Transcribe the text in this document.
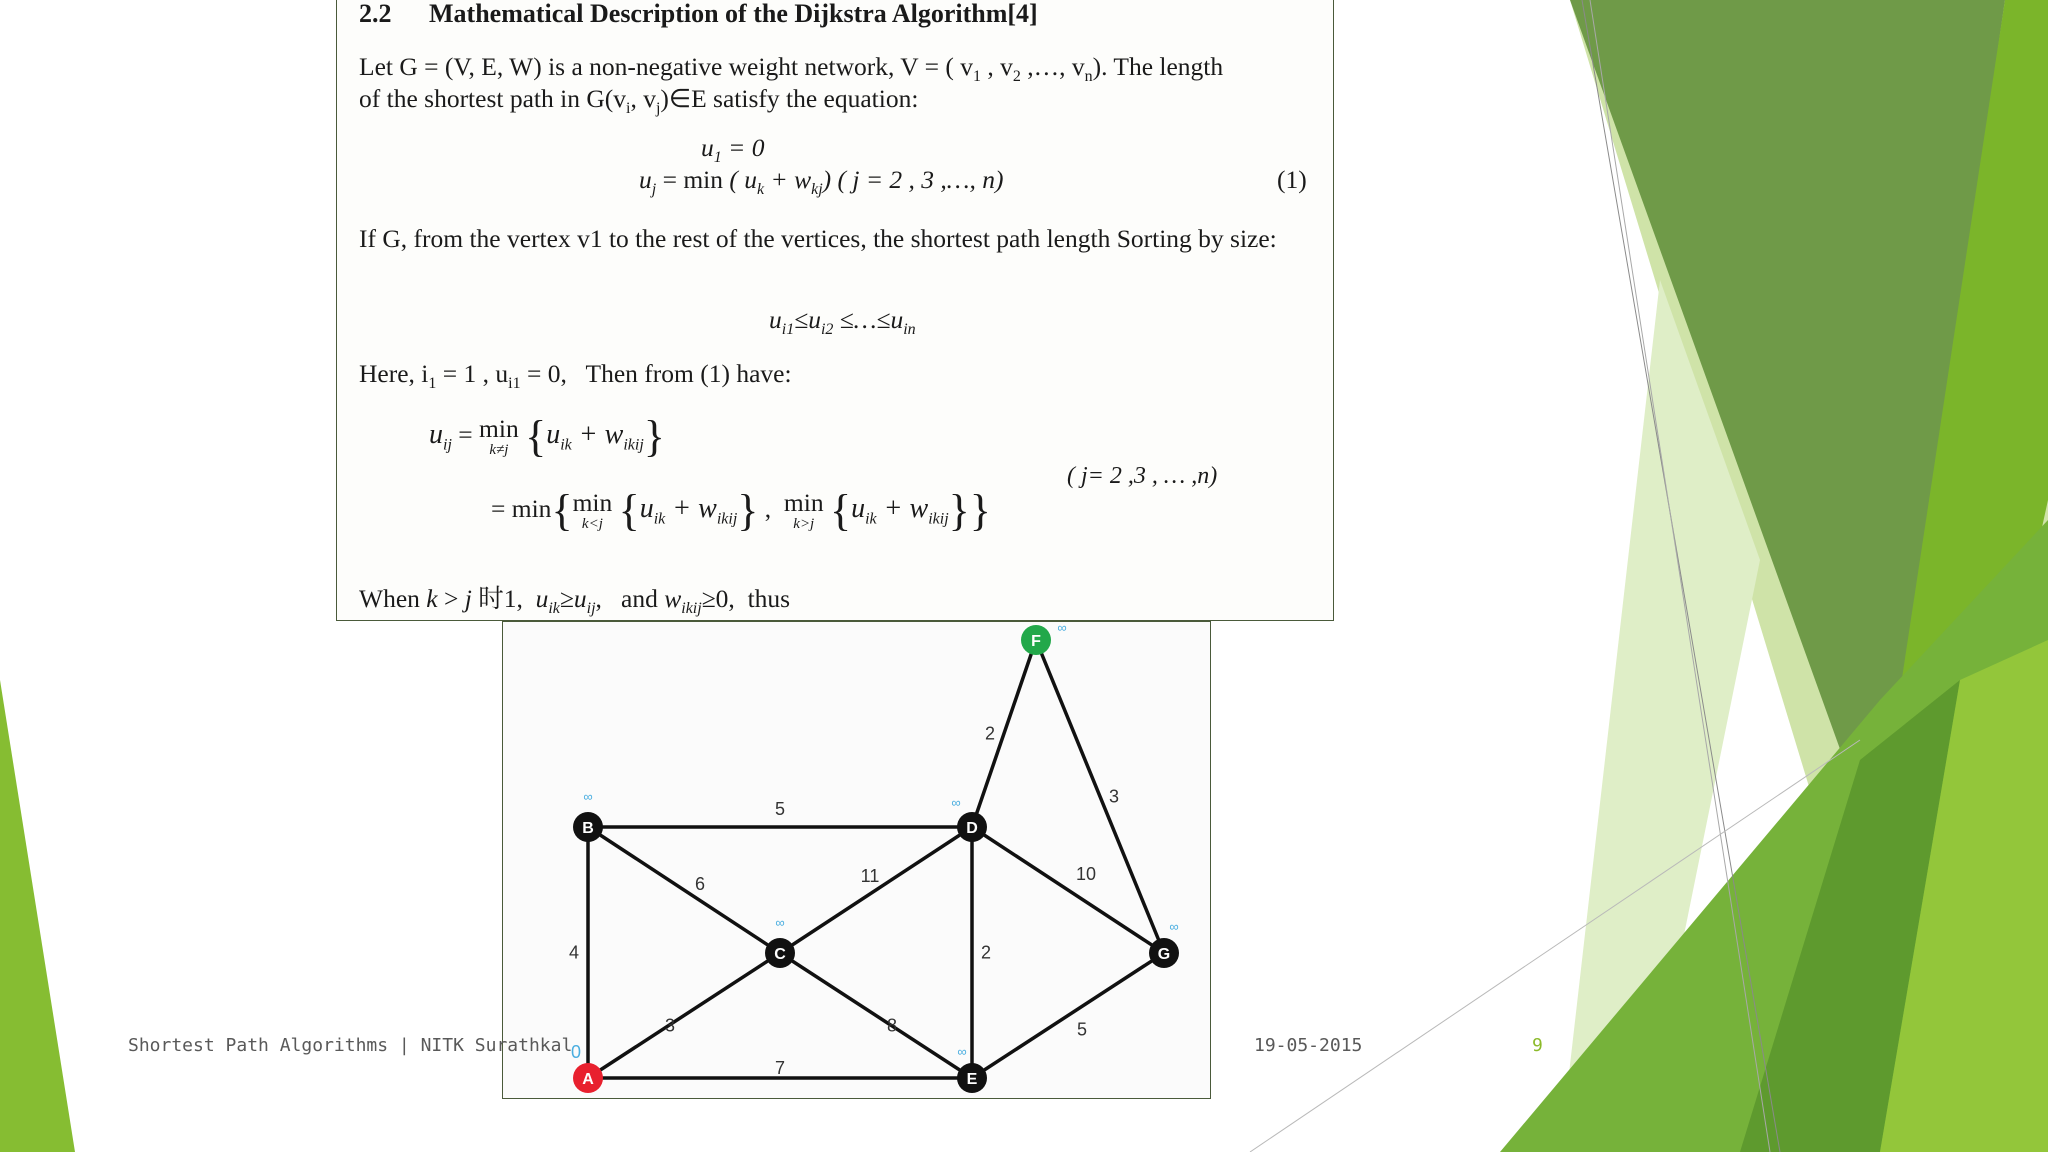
2.2 Mathematical Description of the Dijkstra Algorithm[4]
Let G = (V, E, W) is a non-negative weight network, V = ( $v_1$ , $v_2$ ,…, $v_n$). The length
of the shortest path in $G(v_i$, $v_j)\in E$ satisfy the equation:
$u_1 = 0$
$u_j = \min$ ( $u_k + w_{kj}$) ( j = 2 , 3 ,…, n)	(1)
If G, from the vertex v1 to the rest of the vertices, the shortest path length Sorting by size:
$u_{i1}\le u_{i2}$ $\le\dots\le u_{in}$
Here, $i_1 = 1$ , $u_{i1} = 0$,   Then from (1) have:
$u_{ij} = \min$
k≠j $\{u_{ik} + w_{ikij}\}$
= min{min
k<j $\{u_{ik} + w_{ikij}\}$ ,  min
k>j $\{u_{ik} + w_{ikij}\}$}
( j= 2 ,3 , … ,n)
When k > j 时1,  $u_{ik}\ge u_{ij}$,   and $w_{ikij}\ge 0$,  thus
4
3
7
5
6	11
8
2
2
10
3
5
A
0
B
∞
C
∞
D
∞
E
∞
F
∞
G
∞
Shortest Path Algorithms | NITK Surathkal	19-05-2015	9
